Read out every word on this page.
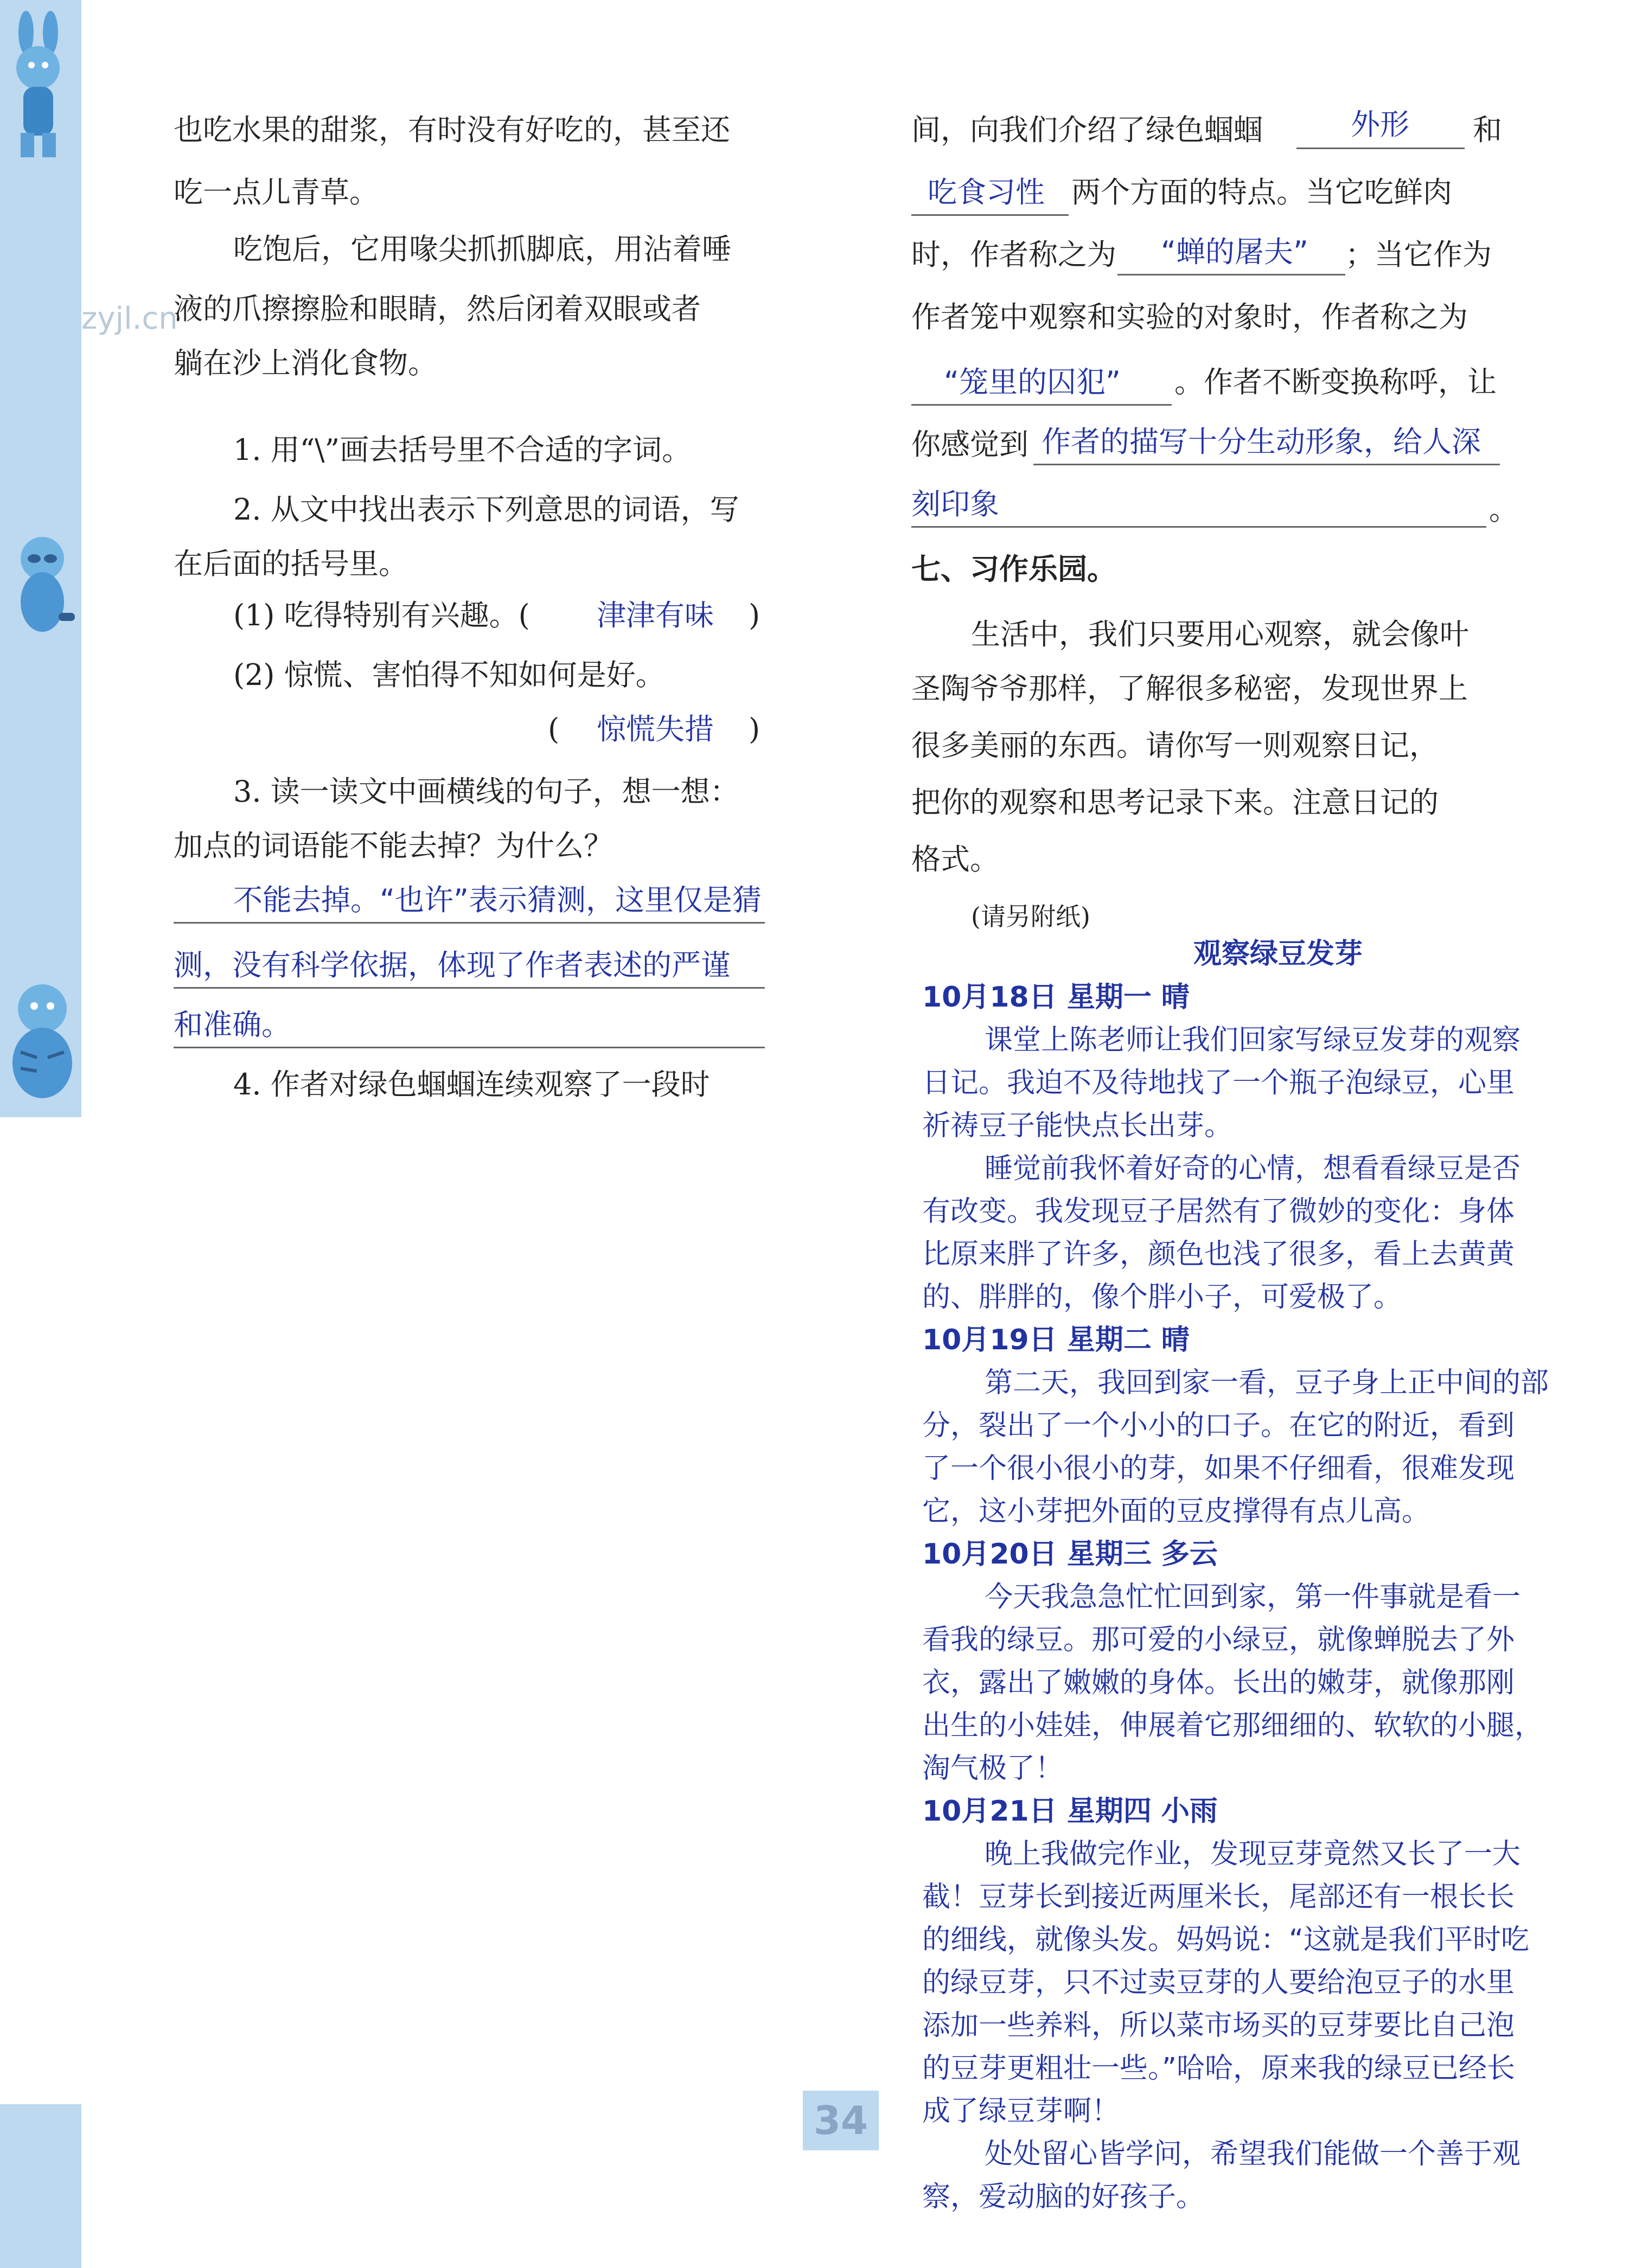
zyjl.cn
也吃水果的甜浆，有时没有好吃的，甚至还
吃一点儿青草。
吃饱后，它用喙尖抓抓脚底，用沾着唾
液的爪擦擦脸和眼睛，然后闭着双眼或者
躺在沙上消化食物。
1. 用“\”画去括号里不合适的字词。
2. 从文中找出表示下列意思的词语，写
在后面的括号里。
(1) 吃得特别有兴趣。( 津津有味 )
(2) 惊慌、害怕得不知如何是好。
( 惊慌失措 )
3. 读一读文中画横线的句子，想一想：
加点的词语能不能去掉？为什么？
不能去掉。“也许”表示猜测，这里仅是猜
测，没有科学依据，体现了作者表述的严谨
和准确。
4. 作者对绿色蝈蝈连续观察了一段时
间，向我们介绍了绿色蝈蝈	外形 和
吃食习性 两个方面的特点。当它吃鲜肉
时，作者称之为 “蝉的屠夫” ；当它作为
作者笼中观察和实验的对象时，作者称之为
“笼里的囚犯” 。作者不断变换称呼，让
你感觉到 作者的描写十分生动形象，给人深
刻印象	。
七、习作乐园。
生活中，我们只要用心观察，就会像叶
圣陶爷爷那样，了解很多秘密，发现世界上
很多美丽的东西。请你写一则观察日记，
把你的观察和思考记录下来。注意日记的
格式。
(请另附纸)
观察绿豆发芽
10月18日 星期一 晴
课堂上陈老师让我们回家写绿豆发芽的观察
日记。我迫不及待地找了一个瓶子泡绿豆，心里
祈祷豆子能快点长出芽。
睡觉前我怀着好奇的心情，想看看绿豆是否
有改变。我发现豆子居然有了微妙的变化：身体
比原来胖了许多，颜色也浅了很多，看上去黄黄
的、胖胖的，像个胖小子，可爱极了。
10月19日 星期二 晴
第二天，我回到家一看，豆子身上正中间的部
分，裂出了一个小小的口子。在它的附近，看到
了一个很小很小的芽，如果不仔细看，很难发现
它，这小芽把外面的豆皮撑得有点儿高。
10月20日 星期三 多云
今天我急急忙忙回到家，第一件事就是看一
看我的绿豆。那可爱的小绿豆，就像蝉脱去了外
衣，露出了嫩嫩的身体。长出的嫩芽，就像那刚
出生的小娃娃，伸展着它那细细的、软软的小腿，
淘气极了！
10月21日 星期四 小雨
晚上我做完作业，发现豆芽竟然又长了一大
截！豆芽长到接近两厘米长，尾部还有一根长长
的细线，就像头发。妈妈说：“这就是我们平时吃
的绿豆芽，只不过卖豆芽的人要给泡豆子的水里
添加一些养料，所以菜市场买的豆芽要比自己泡
的豆芽更粗壮一些。”哈哈，原来我的绿豆已经长
成了绿豆芽啊！
处处留心皆学问，希望我们能做一个善于观
察，爱动脑的好孩子。
34
